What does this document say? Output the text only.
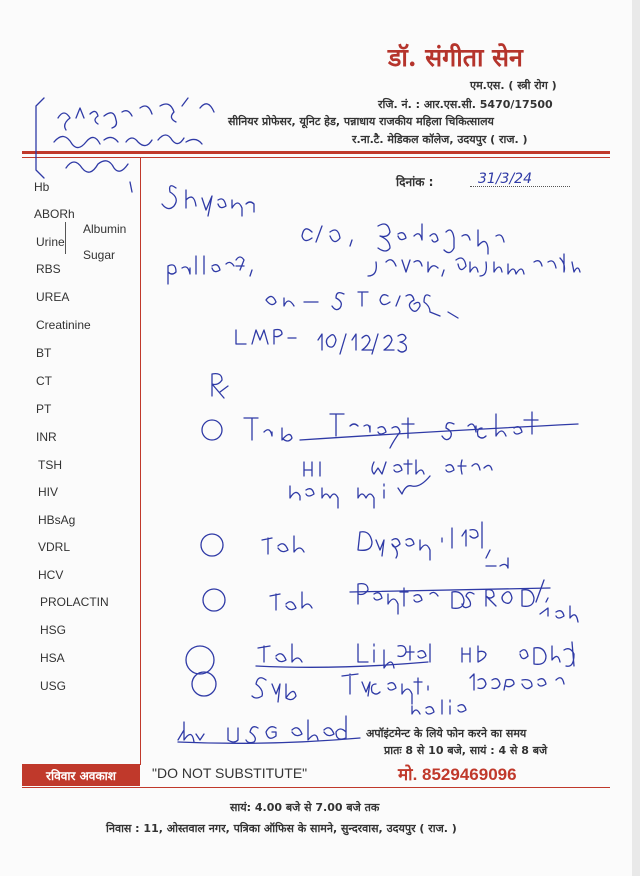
डॉ. संगीता सेन
एम.एस. ( स्त्री रोग )
रजि. नं. : आर.एस.सी. 5470/17500
सीनियर प्रोफेसर, यूनिट हेड, पन्नाधाय राजकीय महिला चिकित्सालय
र.ना.टै. मेडिकल कॉलेज, उदयपुर ( राज. )
दिनांक :
Hb
ABORh
Albumin
Urine
Sugar
RBS
UREA
Creatinine
BT
CT
PT
INR
TSH
HIV
HBsAg
VDRL
HCV
PROLACTIN
HSG
HSA
USG
31/3/24
अपॉइंटमेन्ट के लिये फोन करने का समय
प्रातः 8 से 10 बजे, सायं : 4 से 8 बजे
रविवार अवकाश	"DO NOT SUBSTITUTE"	मो. 8529469096
सायं: 4.00 बजे से 7.00 बजे तक
निवास : 11, ओस्तवाल नगर, पत्रिका ऑफिस के सामने, सुन्दरवास, उदयपुर ( राज. )
